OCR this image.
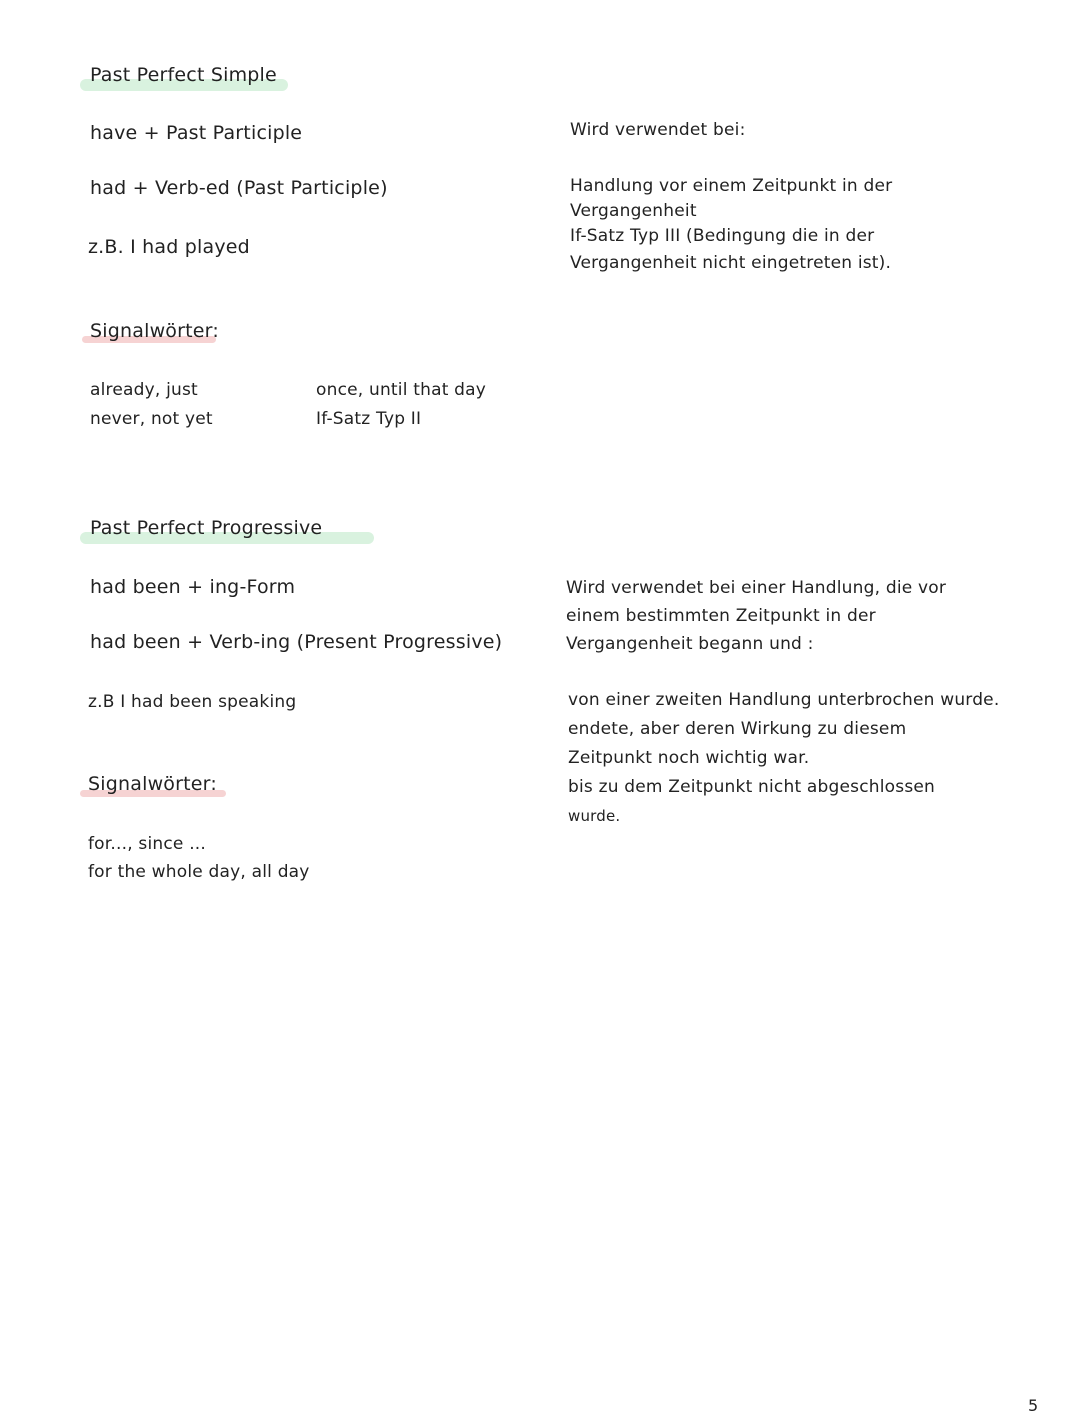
Past Perfect Simple
have + Past Participle
had + Verb-ed (Past Participle)
z.B. I had played
Wird verwendet bei:
Handlung vor einem Zeitpunkt in der
Vergangenheit
If-Satz Typ III (Bedingung die in der
Vergangenheit nicht eingetreten ist).
Signalwörter:
already, just
never, not yet
once, until that day
If-Satz Typ II
Past Perfect Progressive
had been + ing-Form
had been + Verb-ing (Present Progressive)
z.B I had been speaking
Wird verwendet bei einer Handlung, die vor
einem bestimmten Zeitpunkt in der
Vergangenheit begann und :
von einer zweiten Handlung unterbrochen wurde.
endete, aber deren Wirkung zu diesem
Zeitpunkt noch wichtig war.
bis zu dem Zeitpunkt nicht abgeschlossen
wurde.
Signalwörter:
for..., since ...
for the whole day, all day
5
